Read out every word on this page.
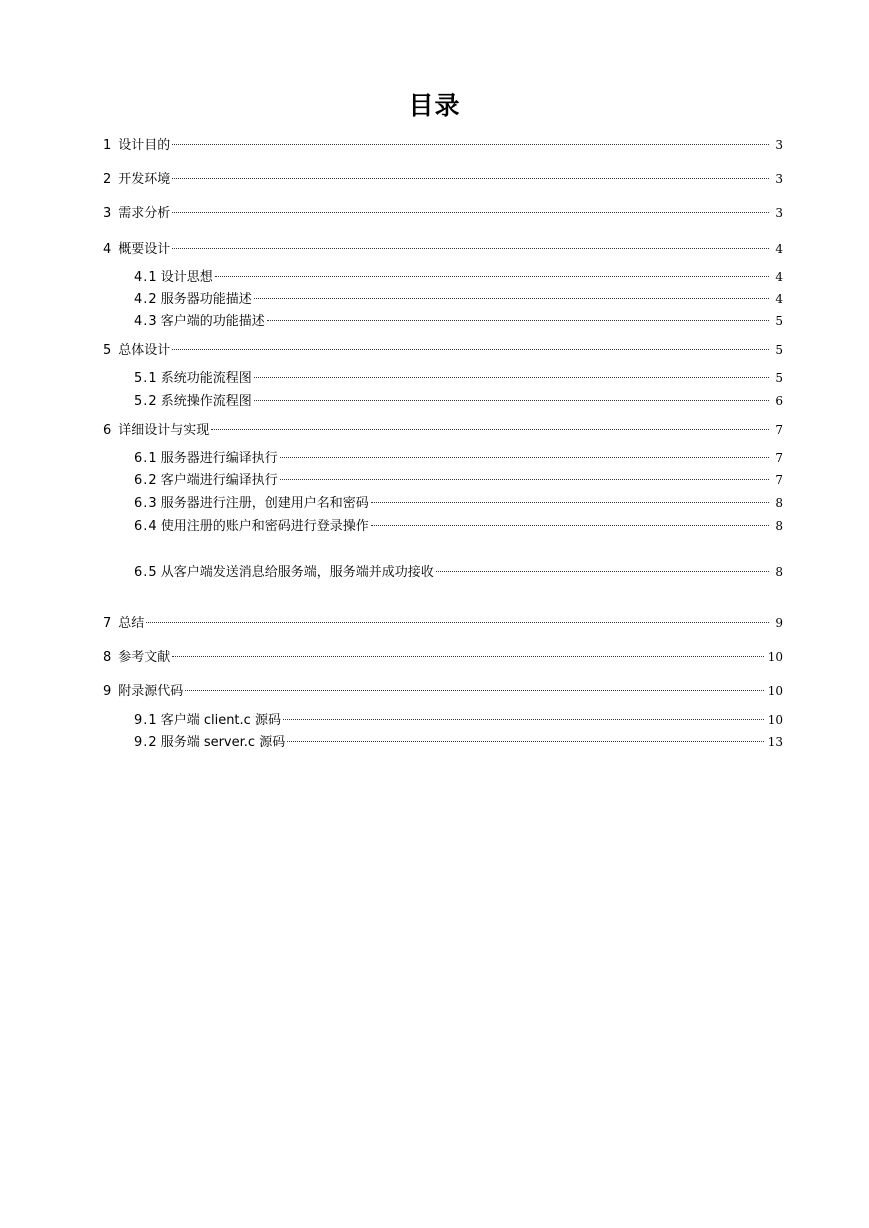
目录
1 设计目的	3
2 开发环境	3
3 需求分析	3
4 概要设计	4
4.1 设计思想	4
4.2 服务器功能描述	4
4.3 客户端的功能描述	5
5 总体设计	5
5.1 系统功能流程图	5
5.2 系统操作流程图	6
6 详细设计与实现	7
6.1 服务器进行编译执行	7
6.2 客户端进行编译执行	7
6.3 服务器进行注册，创建用户名和密码	8
6.4 使用注册的账户和密码进行登录操作	8
6.5 从客户端发送消息给服务端，服务端并成功接收	8
7 总结	9
8 参考文献	10
9 附录源代码	10
9.1 客户端 client.c 源码	10
9.2 服务端 server.c 源码	13
